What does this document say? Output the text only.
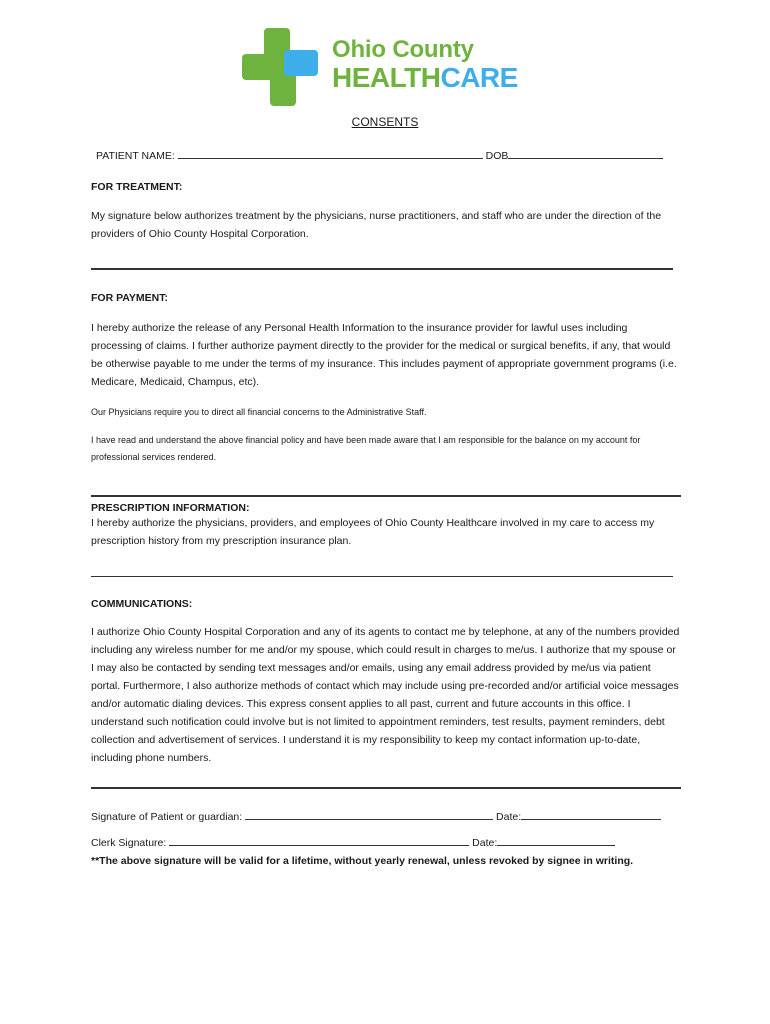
Ohio County
HEALTHCARE
CONSENTS
PATIENT NAME:	DOB
FOR TREATMENT:
My signature below authorizes treatment by the physicians, nurse practitioners, and staff who are under the direction of the providers of Ohio County Hospital Corporation.
FOR PAYMENT:
I hereby authorize the release of any Personal Health Information to the insurance provider for lawful uses including processing of claims. I further authorize payment directly to the provider for the medical or surgical benefits, if any, that would be otherwise payable to me under the terms of my insurance. This includes payment of appropriate government programs (i.e. Medicare, Medicaid, Champus, etc).
Our Physicians require you to direct all financial concerns to the Administrative Staff.
I have read and understand the above financial policy and have been made aware that I am responsible for the balance on my account for professional services rendered.
PRESCRIPTION INFORMATION:
I hereby authorize the physicians, providers, and employees of Ohio County Healthcare involved in my care to access my prescription history from my prescription insurance plan.
COMMUNICATIONS:
I authorize Ohio County Hospital Corporation and any of its agents to contact me by telephone, at any of the numbers provided including any wireless number for me and/or my spouse, which could result in charges to me/us. I authorize that my spouse or I may also be contacted by sending text messages and/or emails, using any email address provided by me/us via patient portal. Furthermore, I also authorize methods of contact which may include using pre-recorded and/or artificial voice messages and/or automatic dialing devices. This express consent applies to all past, current and future accounts in this office. I understand such notification could involve but is not limited to appointment reminders, test results, payment reminders, debt collection and advertisement of services. I understand it is my responsibility to keep my contact information up-to-date, including phone numbers.
Signature of Patient or guardian:	Date:
Clerk Signature:	Date:
**The above signature will be valid for a lifetime, without yearly renewal, unless revoked by signee in writing.
